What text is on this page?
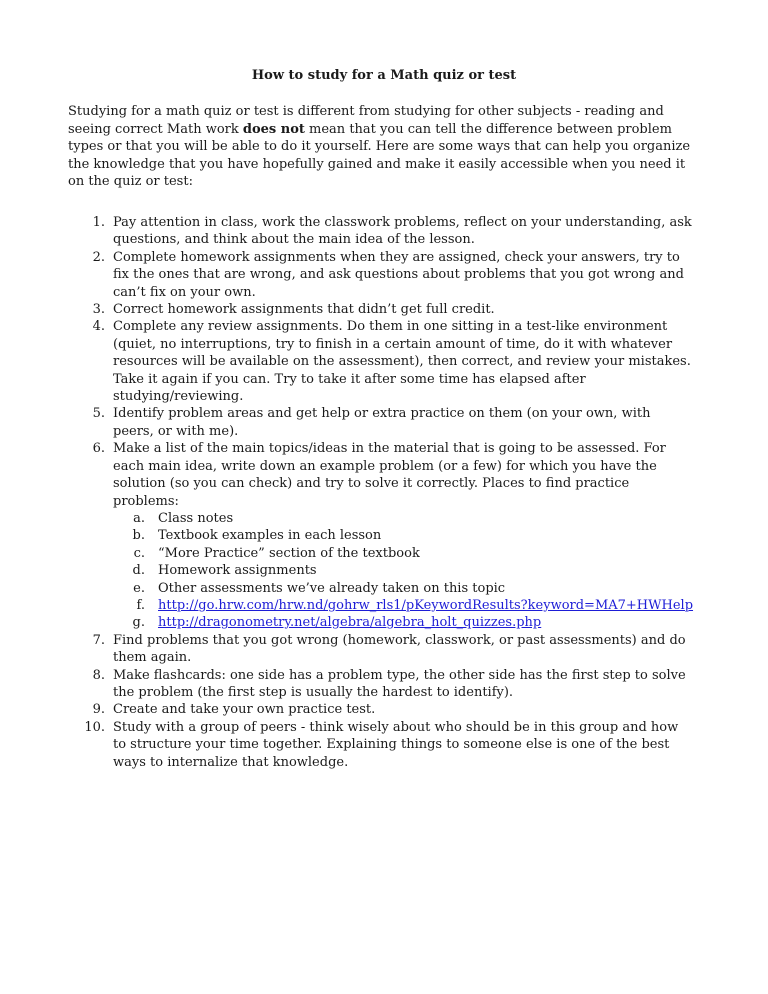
How to study for a Math quiz or test

Studying for a math quiz or test is different from studying for other subjects - reading and seeing correct Math work does not mean that you can tell the difference between problem types or that you will be able to do it yourself. Here are some ways that can help you organize the knowledge that you have hopefully gained and make it easily accessible when you need it on the quiz or test:

1. Pay attention in class, work the classwork problems, reflect on your understanding, ask questions, and think about the main idea of the lesson.
2. Complete homework assignments when they are assigned, check your answers, try to fix the ones that are wrong, and ask questions about problems that you got wrong and can’t fix on your own.
3. Correct homework assignments that didn’t get full credit.
4. Complete any review assignments. Do them in one sitting in a test-like environment (quiet, no interruptions, try to finish in a certain amount of time, do it with whatever resources will be available on the assessment), then correct, and review your mistakes. Take it again if you can. Try to take it after some time has elapsed after studying/reviewing.
5. Identify problem areas and get help or extra practice on them (on your own, with peers, or with me).
6. Make a list of the main topics/ideas in the material that is going to be assessed. For each main idea, write down an example problem (or a few) for which you have the solution (so you can check) and try to solve it correctly. Places to find practice problems:
a. Class notes
b. Textbook examples in each lesson
c. “More Practice” section of the textbook
d. Homework assignments
e. Other assessments we’ve already taken on this topic
f. http://go.hrw.com/hrw.nd/gohrw_rls1/pKeywordResults?keyword=MA7+HWHelp
g. http://dragonometry.net/algebra/algebra_holt_quizzes.php
7. Find problems that you got wrong (homework, classwork, or past assessments) and do them again.
8. Make flashcards: one side has a problem type, the other side has the first step to solve the problem (the first step is usually the hardest to identify).
9. Create and take your own practice test.
10. Study with a group of peers - think wisely about who should be in this group and how to structure your time together. Explaining things to someone else is one of the best ways to internalize that knowledge.
